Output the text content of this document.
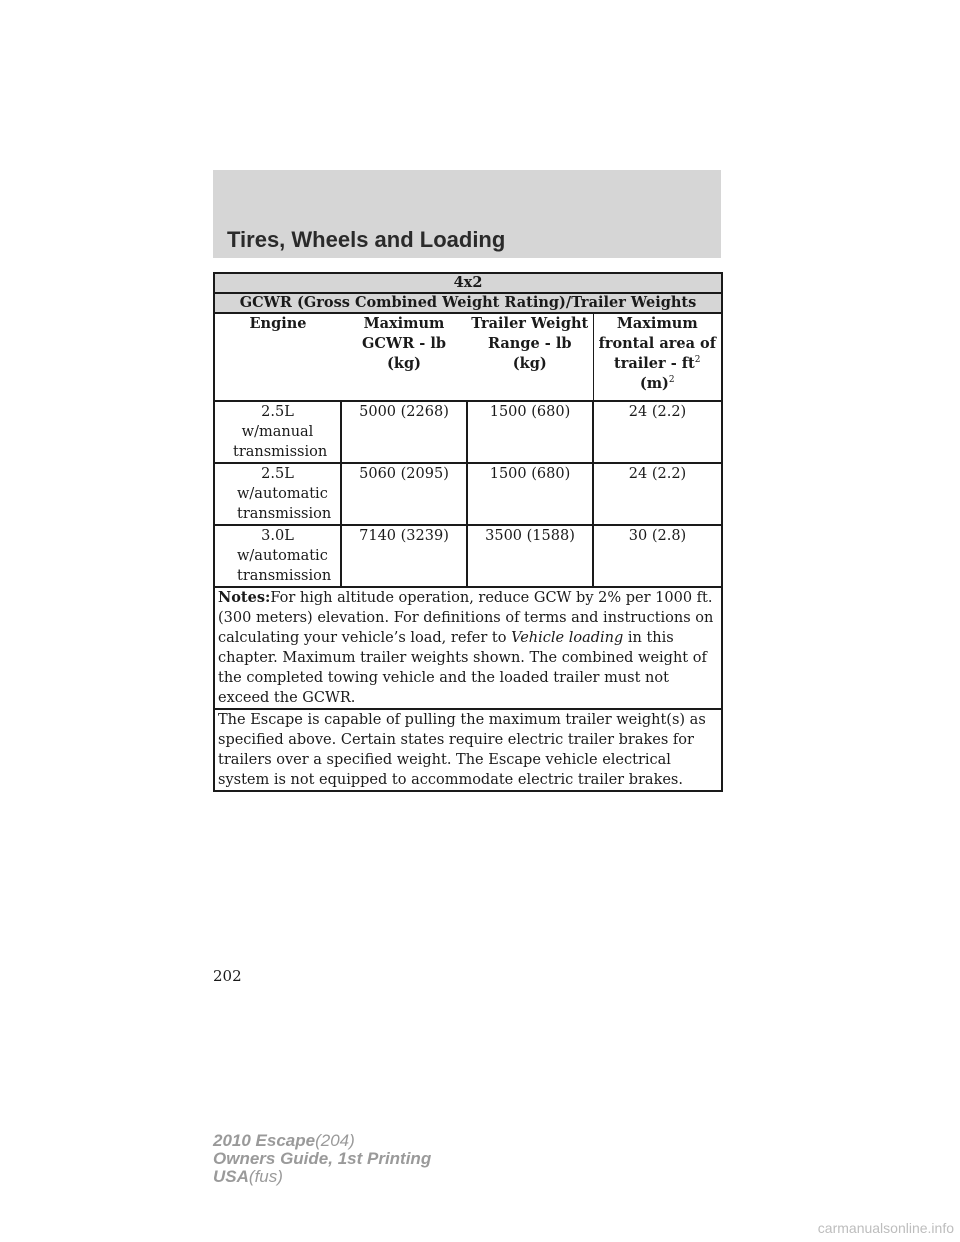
Tires, Wheels and Loading
4x2			
GCWR (Gross Combined Weight Rating)/Trailer Weights			
Engine	Maximum GCWR - lb (kg)	Trailer Weight Range - lb (kg)	Maximum frontal area of trailer - $ft^2$ $(m)^2$
2.5L w/manual transmission	5000 (2268)	1500 (680)	24 (2.2)
2.5L w/automatic transmission	5060 (2095)	1500 (680)	24 (2.2)
3.0L w/automatic transmission	7140 (3239)	3500 (1588)	30 (2.8)
Notes:For high altitude operation, reduce GCW by 2% per 1000 ft. (300 meters) elevation. For definitions of terms and instructions on calculating your vehicle’s load, refer to Vehicle loading in this chapter. Maximum trailer weights shown. The combined weight of the completed towing vehicle and the loaded trailer must not exceed the GCWR.			
The Escape is capable of pulling the maximum trailer weight(s) as specified above. Certain states require electric trailer brakes for trailers over a specified weight. The Escape vehicle electrical system is not equipped to accommodate electric trailer brakes.			
202
2010 Escape(204)
Owners Guide, 1st Printing
USA(fus)
carmanualsonline.info
